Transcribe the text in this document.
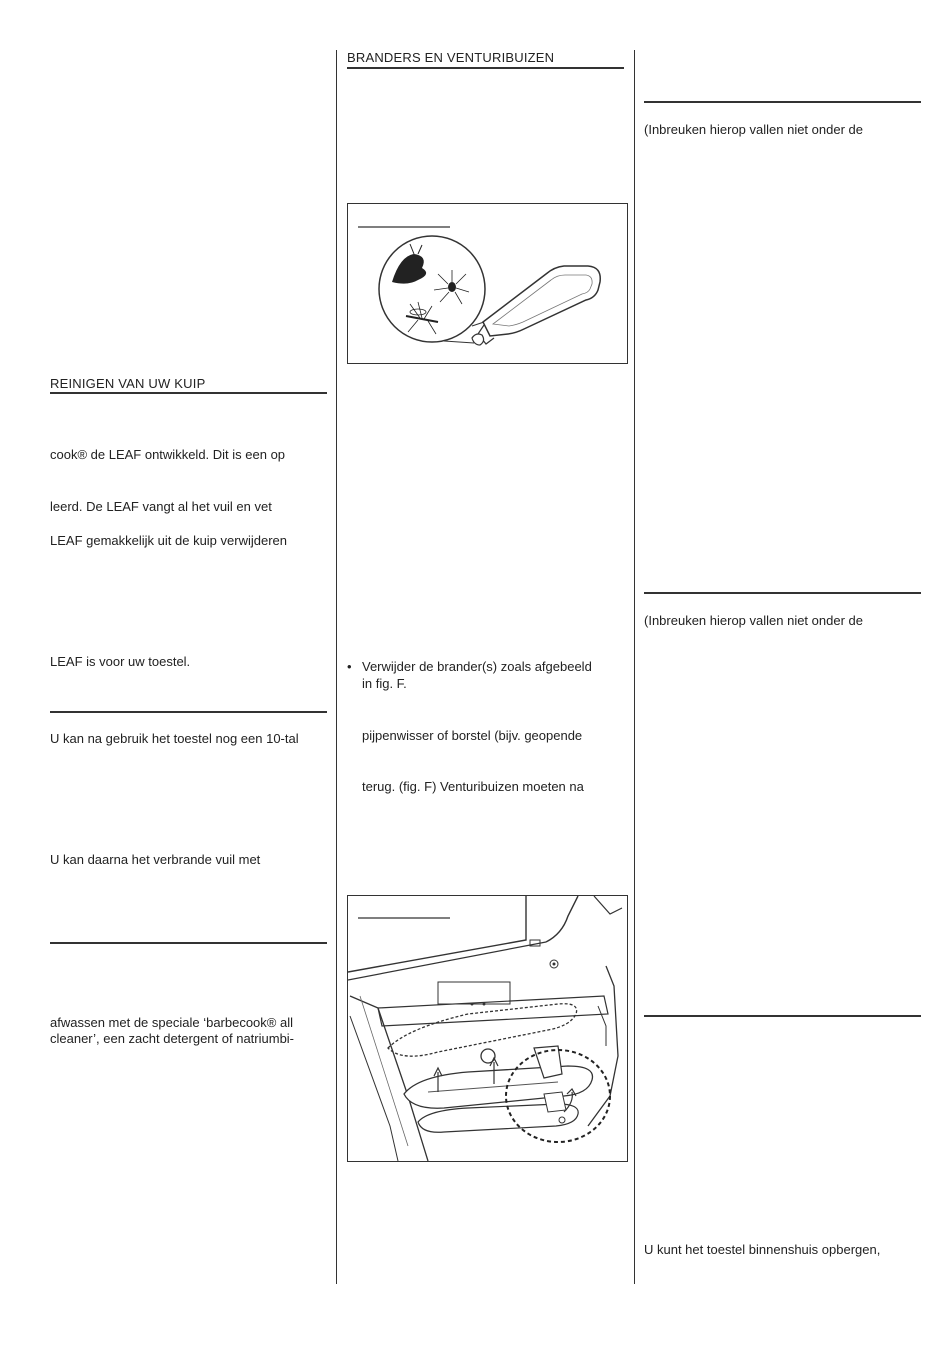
REINIGEN VAN UW KUIP
cook® de LEAF ontwikkeld. Dit is een op
leerd. De LEAF vangt al het vuil en vet
LEAF gemakkelijk uit de kuip verwijderen
LEAF is voor uw toestel.
U kan na gebruik het toestel nog een 10-tal
U kan daarna het verbrande vuil met
afwassen met de speciale ‘barbecook® all
cleaner’, een zacht detergent of natriumbi-
BRANDERS EN VENTURIBUIZEN
• Verwijder de brander(s) zoals afgebeeld
in fig. F.
pijpenwisser of borstel (bijv. geopende
terug. (fig. F) Venturibuizen moeten na
(Inbreuken hierop vallen niet onder de
(Inbreuken hierop vallen niet onder de
U kunt het toestel binnenshuis opbergen,
